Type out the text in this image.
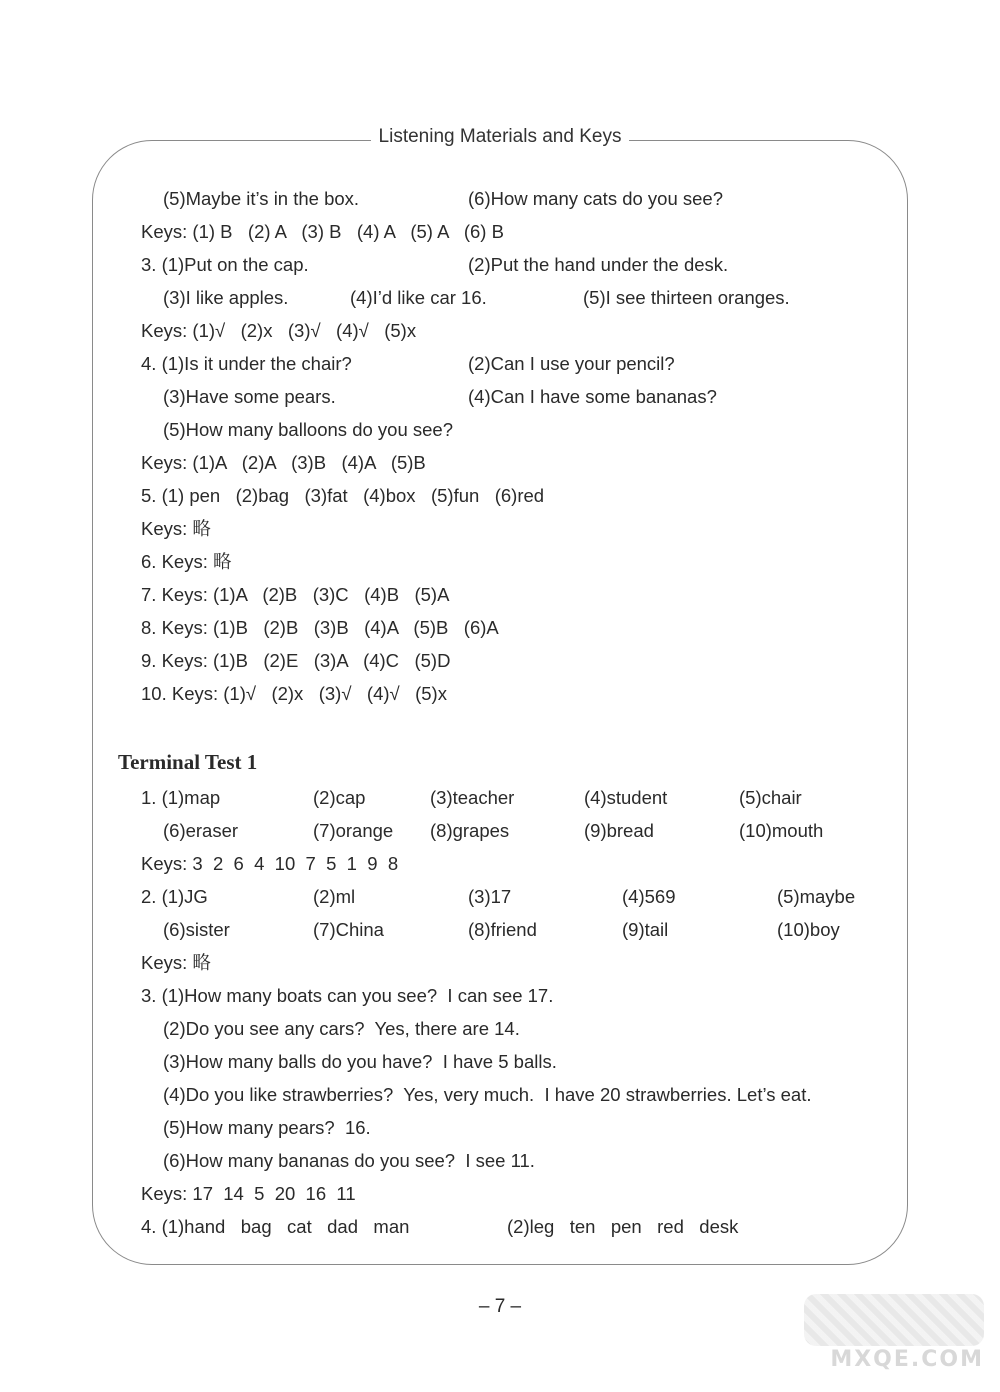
Listening Materials and Keys
(5)Maybe it’s in the box.	(6)How many cats do you see?
Keys: (1) B   (2) A   (3) B   (4) A   (5) A   (6) B
3. (1)Put on the cap.	(2)Put the hand under the desk.
(3)I like apples.	(4)I’d like car 16.	(5)I see thirteen oranges.
Keys: (1)√   (2)x   (3)√   (4)√   (5)x
4. (1)Is it under the chair?	(2)Can I use your pencil?
(3)Have some pears.	(4)Can I have some bananas?
(5)How many balloons do you see?
Keys: (1)A   (2)A   (3)B   (4)A   (5)B
5. (1) pen   (2)bag   (3)fat   (4)box   (5)fun   (6)red
Keys: 略
6. Keys: 略
7. Keys: (1)A   (2)B   (3)C   (4)B   (5)A
8. Keys: (1)B   (2)B   (3)B   (4)A   (5)B   (6)A
9. Keys: (1)B   (2)E   (3)A   (4)C   (5)D
10. Keys: (1)√   (2)x   (3)√   (4)√   (5)x
1. (1)map	(2)cap	(3)teacher	(4)student	(5)chair
(6)eraser	(7)orange (8)grapes	(9)bread	(10)mouth
Keys: 3  2  6  4  10  7  5  1  9  8
2. (1)JG	(2)ml	(3)17	(4)569	(5)maybe
(6)sister	(7)China	(8)friend	(9)tail	(10)boy
Keys: 略
3. (1)How many boats can you see?  I can see 17.
(2)Do you see any cars?  Yes, there are 14.
(3)How many balls do you have?  I have 5 balls.
(4)Do you like strawberries?  Yes, very much.  I have 20 strawberries. Let’s eat.
(5)How many pears?  16.
(6)How many bananas do you see?  I see 11.
Keys: 17  14  5  20  16  11
4. (1)hand   bag   cat   dad   man	(2)leg   ten   pen   red   desk
Terminal Test 1
– 7 –
MXQE.COM
